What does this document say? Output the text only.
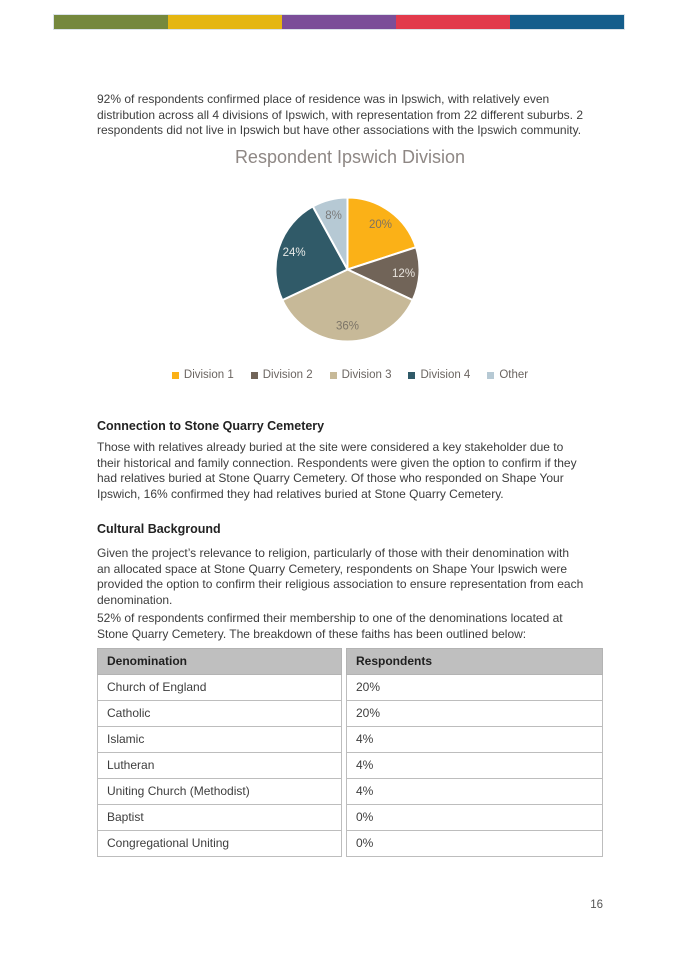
92% of respondents confirmed place of residence was in Ipswich, with relatively even
distribution across all 4 divisions of Ipswich, with representation from 22 different suburbs. 2
respondents did not live in Ipswich but have other associations with the Ipswich community.

Respondent Ipswich Division
20%
12%
36%
24%
8%
Division 1	Division 2	Division 3	Division 4	Other
Connection to Stone Quarry Cemetery

Those with relatives already buried at the site were considered a key stakeholder due to
their historical and family connection. Respondents were given the option to confirm if they
had relatives buried at Stone Quarry Cemetery. Of those who responded on Shape Your
Ipswich, 16% confirmed they had relatives buried at Stone Quarry Cemetery.

Cultural Background

Given the project’s relevance to religion, particularly of those with their denomination with
an allocated space at Stone Quarry Cemetery, respondents on Shape Your Ipswich were
provided the option to confirm their religious association to ensure representation from each
denomination.

52% of respondents confirmed their membership to one of the denominations located at
Stone Quarry Cemetery. The breakdown of these faiths has been outlined below:

Denomination		Respondents
Church of England		20%
Catholic		20%
Islamic		4%
Lutheran		4%
Uniting Church (Methodist)		4%
Baptist		0%
Congregational Uniting		0%
16
